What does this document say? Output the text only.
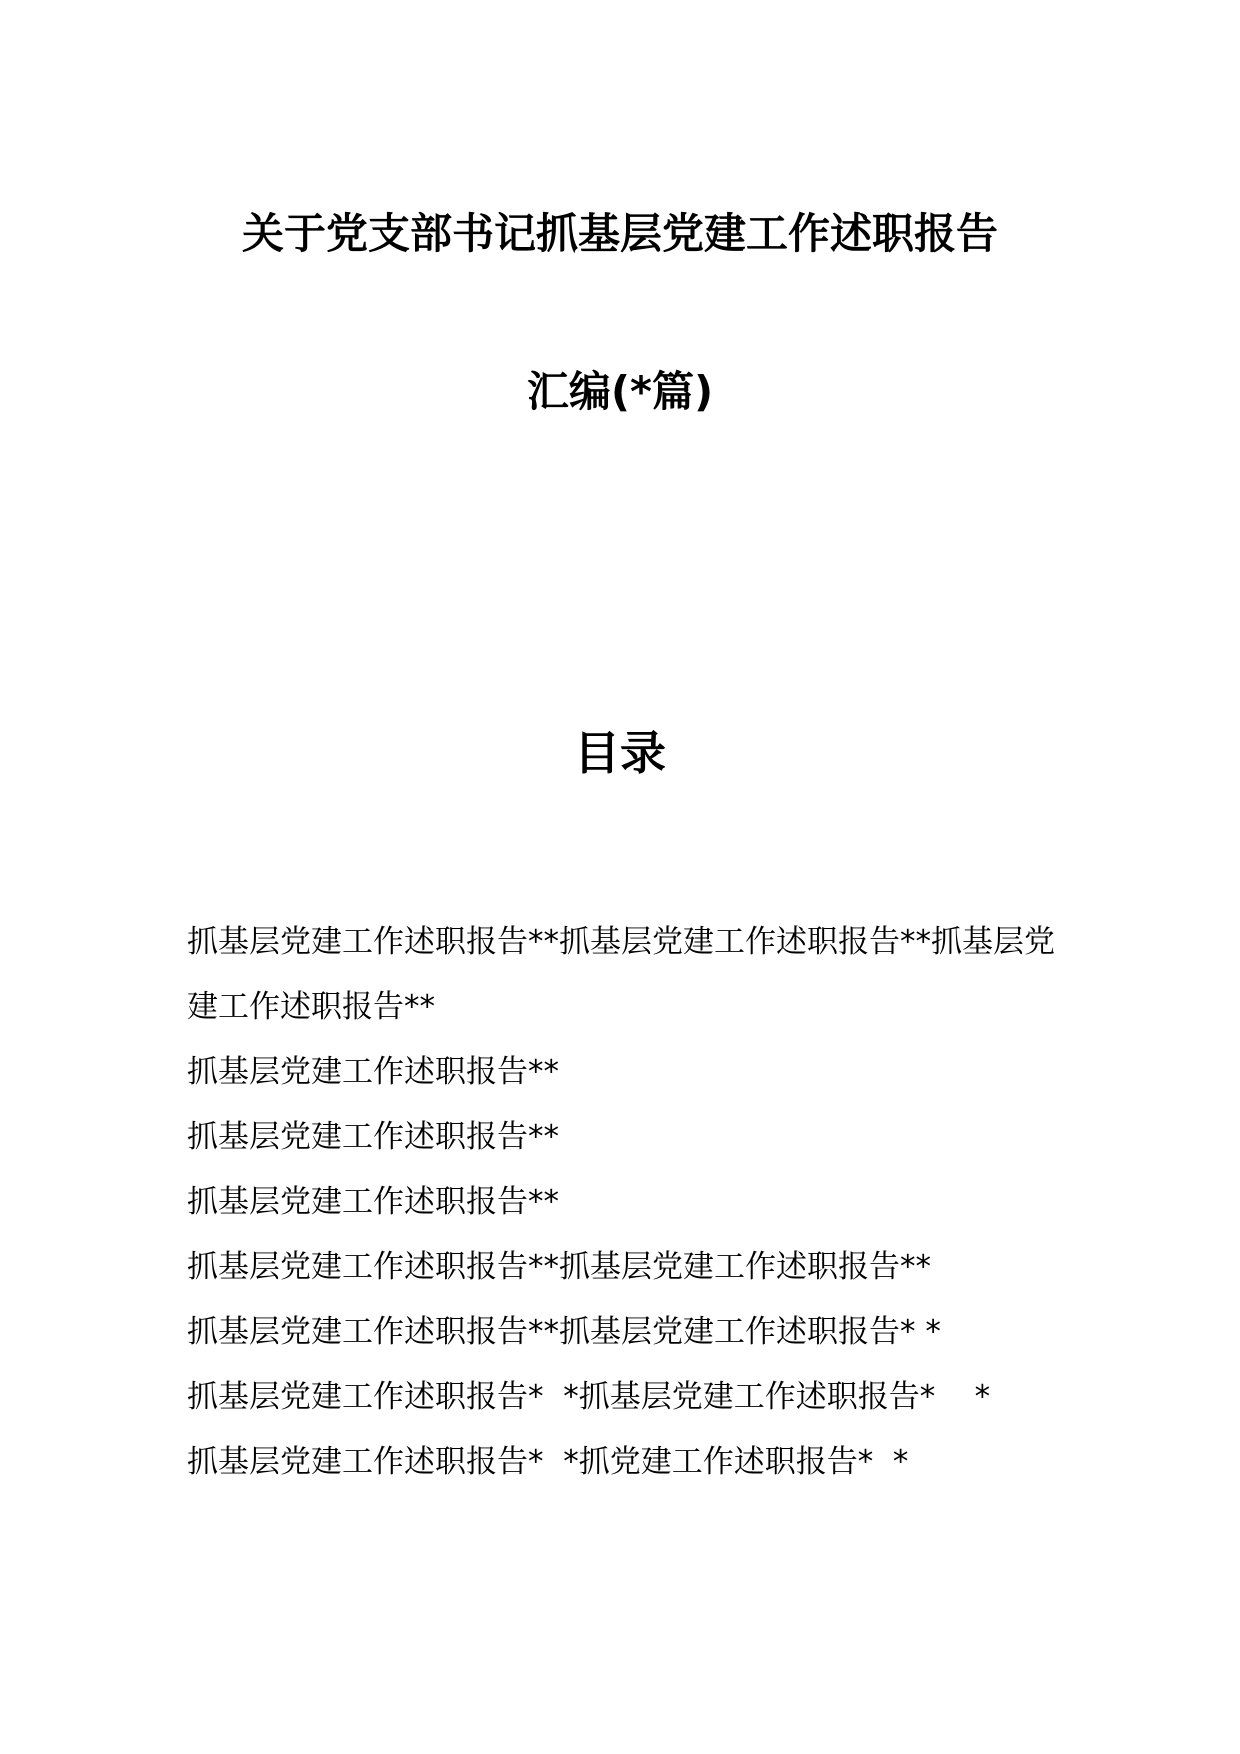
关于党支部书记抓基层党建工作述职报告
汇编(*篇)
目录
抓基层党建工作述职报告**抓基层党建工作述职报告**抓基层党建工作述职报告**
抓基层党建工作述职报告**
抓基层党建工作述职报告**
抓基层党建工作述职报告**
抓基层党建工作述职报告**抓基层党建工作述职报告**
抓基层党建工作述职报告**抓基层党建工作述职报告* *
抓基层党建工作述职报告*  *抓基层党建工作述职报告*    *
抓基层党建工作述职报告*  *抓党建工作述职报告*  *
